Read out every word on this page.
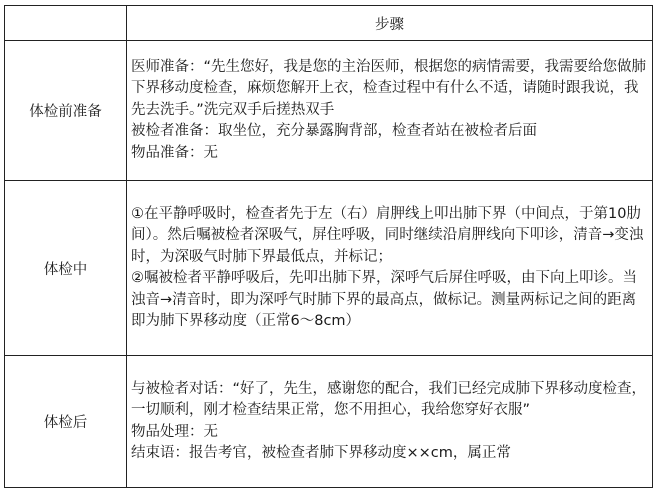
	步骤
体检前准备	医师准备：“先生您好，我是您的主治医师，根据您的病情需要，我需要给您做肺下界移动度检查，麻烦您解开上衣，检查过程中有什么不适，请随时跟我说，我先去洗手。”洗完双手后搓热双手
被检者准备：取坐位，充分暴露胸背部，检查者站在被检者后面
物品准备：无

体检中	①在平静呼吸时，检查者先于左（右）肩胛线上叩出肺下界（中间点，于第10肋间）。然后嘱被检者深吸气，屏住呼吸，同时继续沿肩胛线向下叩诊，清音→变浊时，为深吸气时肺下界最低点，并标记；
②嘱被检者平静呼吸后，先叩出肺下界，深呼气后屏住呼吸，由下向上叩诊。当浊音→清音时，即为深呼气时肺下界的最高点，做标记。测量两标记之间的距离即为肺下界移动度（正常6～8cm）

体检后	与被检者对话：“好了，先生，感谢您的配合，我们已经完成肺下界移动度检查，一切顺利，刚才检查结果正常，您不用担心，我给您穿好衣服”
物品处理：无
结束语：报告考官，被检查者肺下界移动度××cm，属正常
